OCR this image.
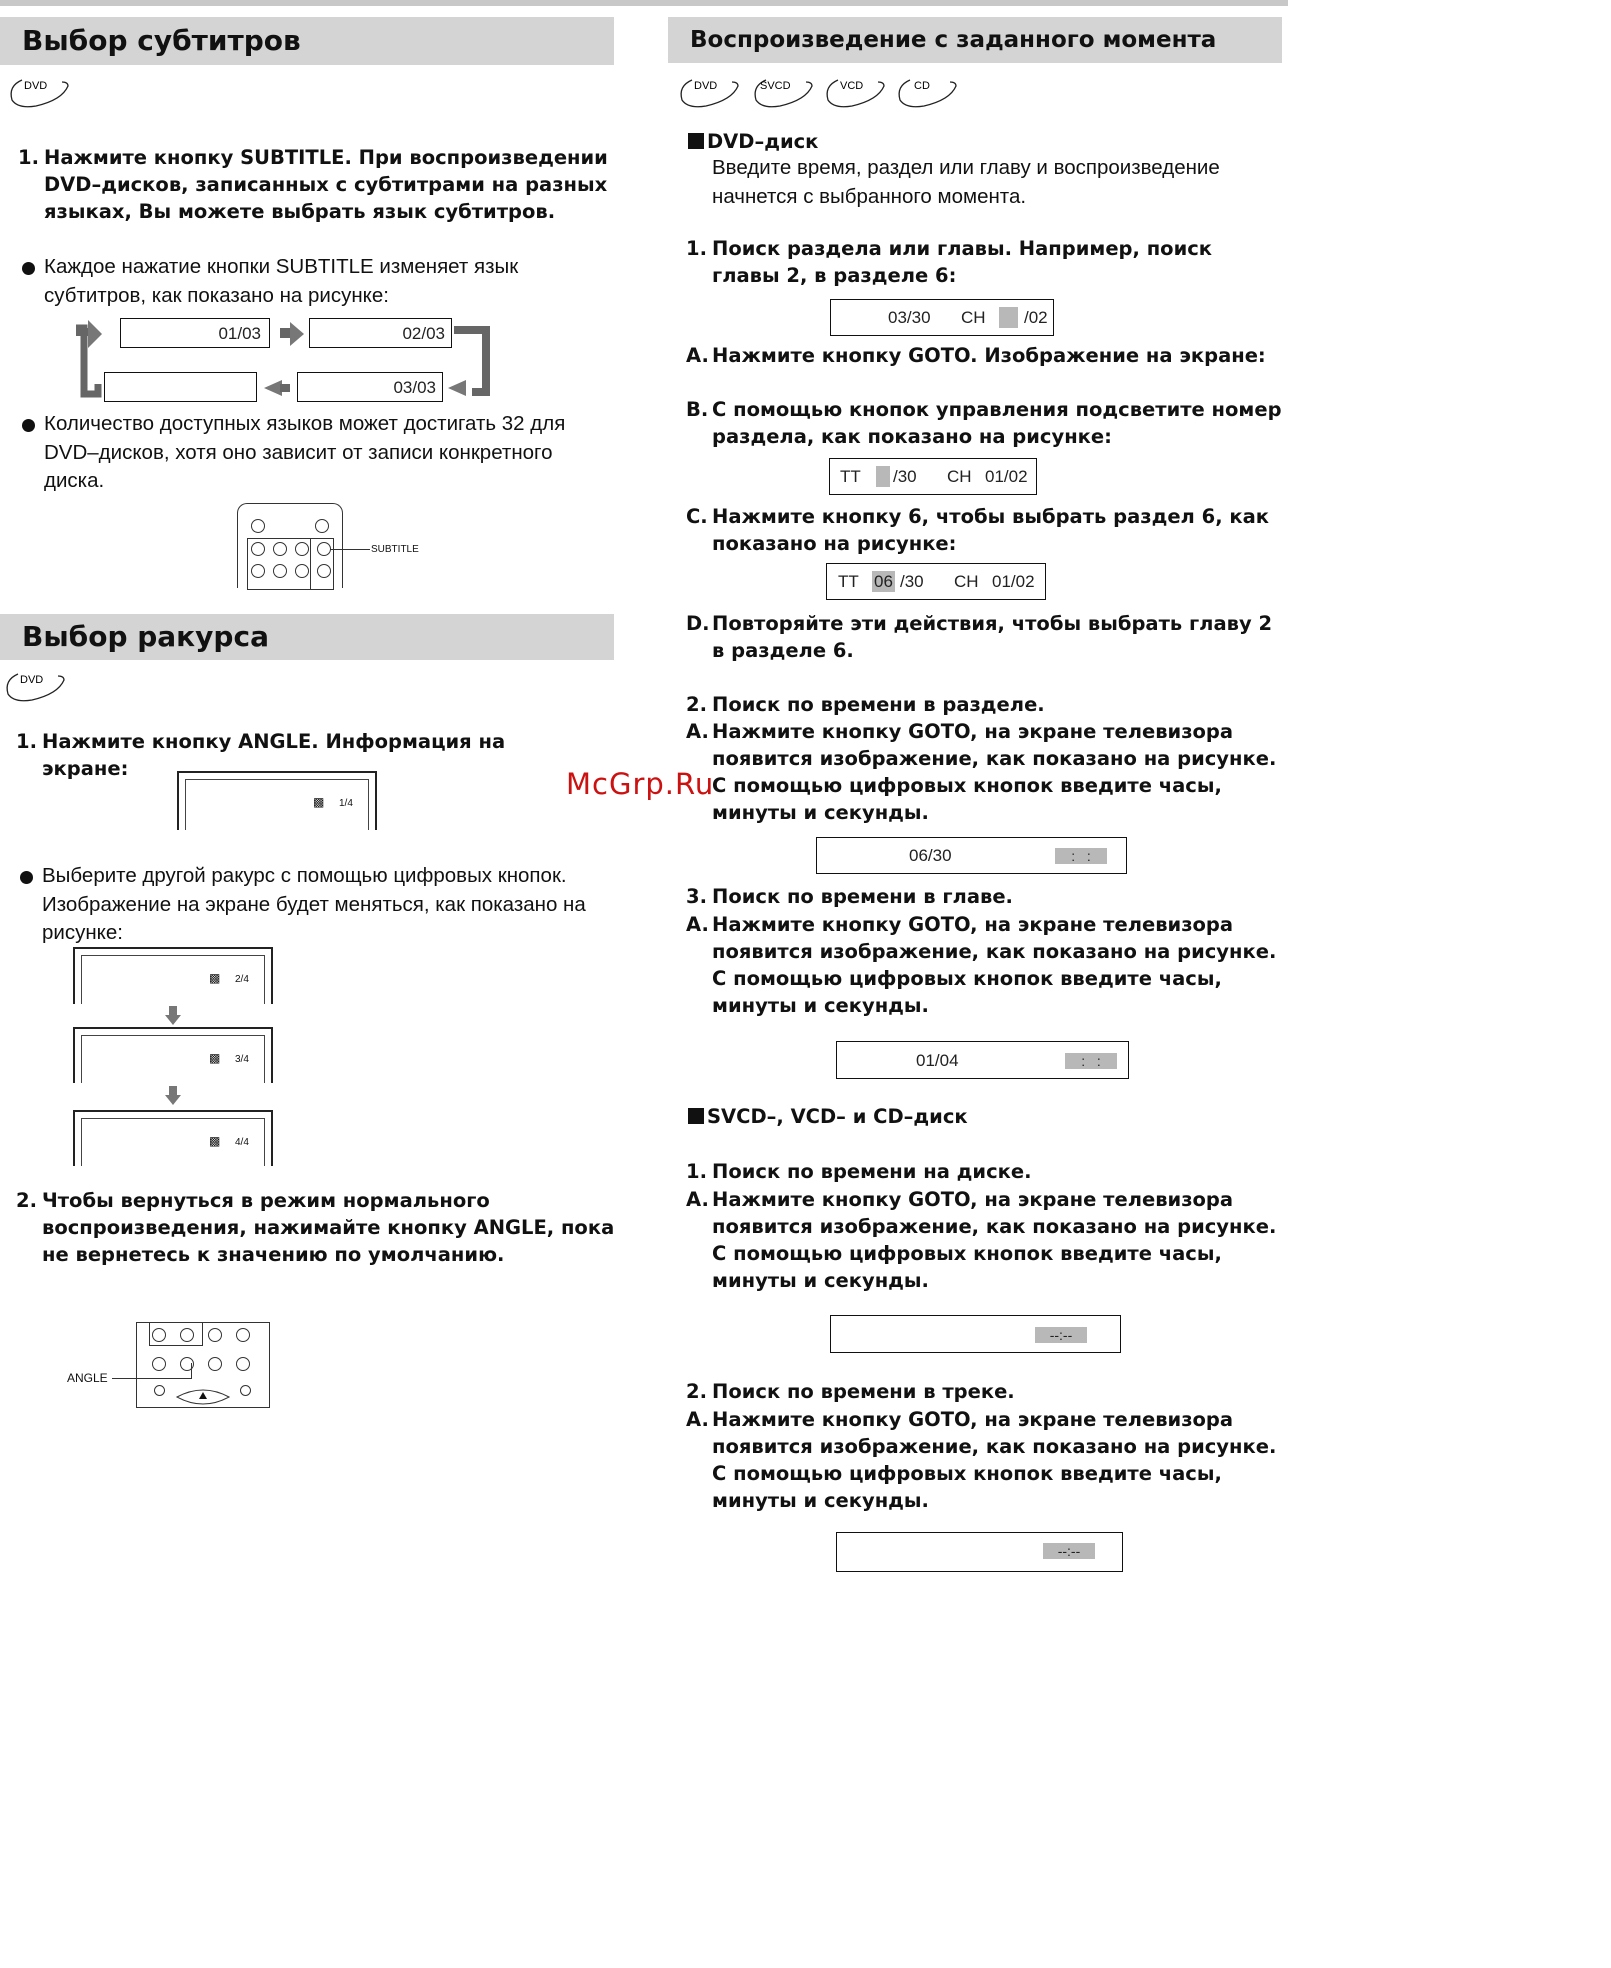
Выбор субтитров
DVD
1. Нажмите кнопку SUBTITLE. При воспроизведении DVD–дисков, записанных с субтитрами на разных языках, Вы можете выбрать язык субтитров.
Каждое нажатие кнопки SUBTITLE изменяет язык субтитров, как показано на рисунке:
01/03	02/03
03/03
Количество доступных языков может достигать 32 для DVD–дисков, хотя оно зависит от записи конкретного диска.
SUBTITLE
Выбор ракурса
DVD
1. Нажмите кнопку ANGLE. Информация на экране:
▩ 1/4
Выберите другой ракурс с помощью цифровых кнопок. Изображение на экране будет меняться, как показано на рисунке:
▩ 2/4
▩ 3/4
▩ 4/4
2. Чтобы вернуться в режим нормального воспроизведения, нажимайте кнопку ANGLE, пока не вернетесь к значению по умолчанию.
ANGLE
Воспроизведение с заданного момента
DVD	SVCD	VCD	CD
DVD–диск
Введите время, раздел или главу и воспроизведение начнется с выбранного момента.
1. Поиск раздела или главы. Например, поиск главы 2, в разделе 6:
03/30 CH /02
A. Нажмите кнопку GOTO. Изображение на экране:
B. С помощью кнопок управления подсветите номер раздела, как показано на рисунке:
TT /30 CH 01/02
C. Нажмите кнопку 6, чтобы выбрать раздел 6, как показано на рисунке:
TT 06 /30 CH 01/02
D. Повторяйте эти действия, чтобы выбрать главу 2 в разделе 6.
2. Поиск по времени в разделе.
A. Нажмите кнопку GOTO, на экране телевизора появится изображение, как показано на рисунке. С помощью цифровых кнопок введите часы, минуты и секунды.
06/30	:   :
3. Поиск по времени в главе.
A. Нажмите кнопку GOTO, на экране телевизора появится изображение, как показано на рисунке. С помощью цифровых кнопок введите часы, минуты и секунды.
01/04	:   :
SVCD–, VCD– и CD–диск
1. Поиск по времени на диске.
A. Нажмите кнопку GOTO, на экране телевизора появится изображение, как показано на рисунке. С помощью цифровых кнопок введите часы, минуты и секунды.
--:--
2. Поиск по времени в треке.
A. Нажмите кнопку GOTO, на экране телевизора появится изображение, как показано на рисунке. С помощью цифровых кнопок введите часы, минуты и секунды.
--:--
McGrp.Ru
